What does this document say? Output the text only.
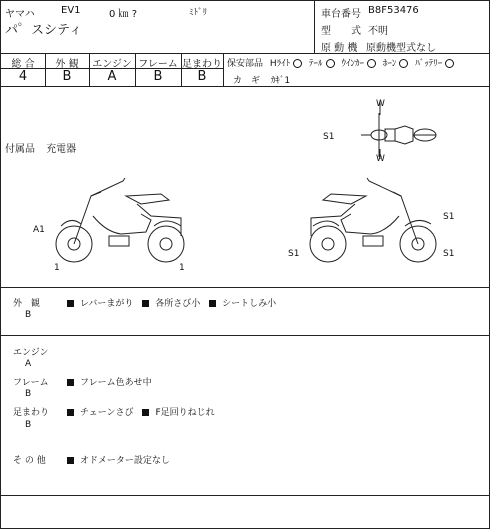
ヤマハ	EV1	0 ㎞ ?	ﾐﾄﾞﾘ
パ゜スシティ
車台番号 B8F53476
型　　式 不明
原 動 機 原動機型式なし
総 合	外 観	エンジン フレーム 足まわり
4	B	A	B	B
保安部品 Hﾗｲﾄ ﾃｰﾙ ｳｲﾝｶｰ ﾎｰﾝ ﾊﾞｯﾃﾘｰ
カ　ギ ｶｷﾞ1
付属品 充電器
W
S1
W
A1
1	1
S1
S1	S1
外　観
B
レバーまがり 各所さび小 シートしみ小
エンジン
A
フレーム
B
フレーム色あせ中
足まわり
B
チェーンさび F足回りねじれ
そ の 他	オドメーター設定なし
